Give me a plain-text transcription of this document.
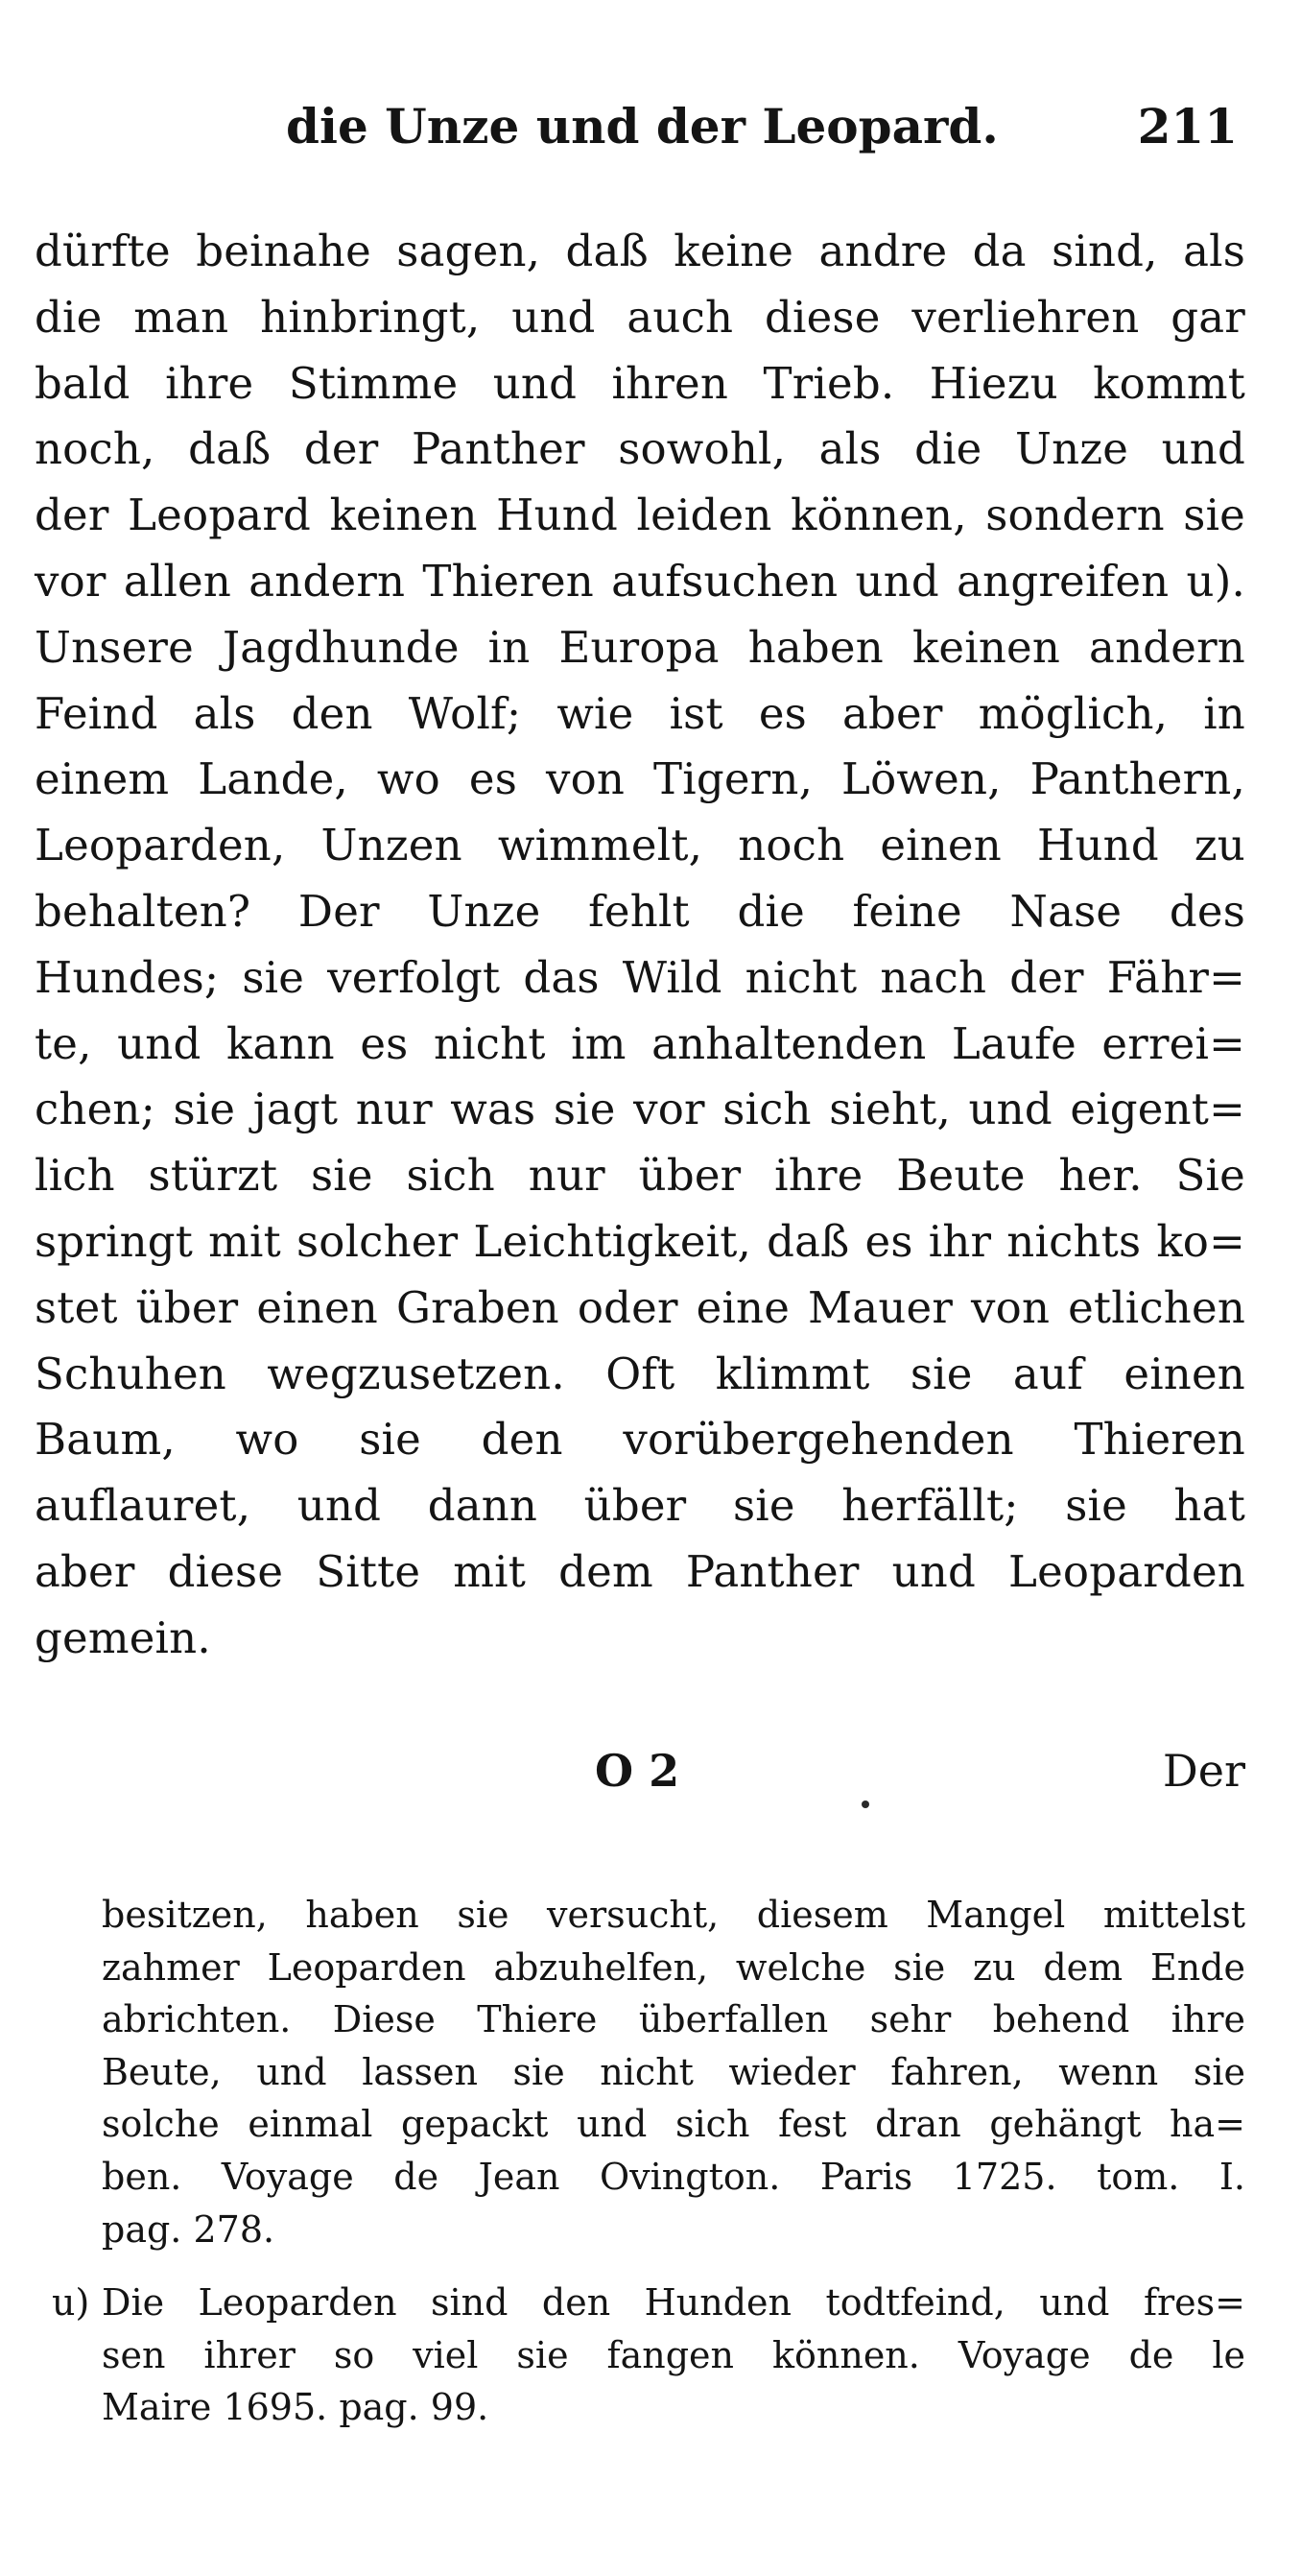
die Unze und der Leopard.	211
dürfte beinahe sagen, daß keine andre da sind, als
die man hinbringt, und auch diese verliehren gar
bald ihre Stimme und ihren Trieb. Hiezu kommt
noch, daß der Panther sowohl, als die Unze und
der Leopard keinen Hund leiden können, sondern sie
vor allen andern Thieren aufsuchen und angreifen u).
Unsere Jagdhunde in Europa haben keinen andern
Feind als den Wolf; wie ist es aber möglich, in
einem Lande, wo es von Tigern, Löwen, Panthern,
Leoparden, Unzen wimmelt, noch einen Hund zu
behalten? Der Unze fehlt die feine Nase des
Hundes; sie verfolgt das Wild nicht nach der Fähr=
te, und kann es nicht im anhaltenden Laufe errei=
chen; sie jagt nur was sie vor sich sieht, und eigent=
lich stürzt sie sich nur über ihre Beute her. Sie
springt mit solcher Leichtigkeit, daß es ihr nichts ko=
stet über einen Graben oder eine Mauer von etlichen
Schuhen wegzusetzen. Oft klimmt sie auf einen
Baum, wo sie den vorübergehenden Thieren
auflauret, und dann über sie herfällt; sie hat
aber diese Sitte mit dem Panther und Leoparden
gemein.
O 2	Der
besitzen, haben sie versucht, diesem Mangel mittelst
zahmer Leoparden abzuhelfen, welche sie zu dem Ende
abrichten. Diese Thiere überfallen sehr behend ihre
Beute, und lassen sie nicht wieder fahren, wenn sie
solche einmal gepackt und sich fest dran gehängt ha=
ben. Voyage de Jean Ovington. Paris 1725. tom. I.
pag. 278.
u) Die Leoparden sind den Hunden todtfeind, und fres=
sen ihrer so viel sie fangen können. Voyage de le
Maire 1695. pag. 99.
